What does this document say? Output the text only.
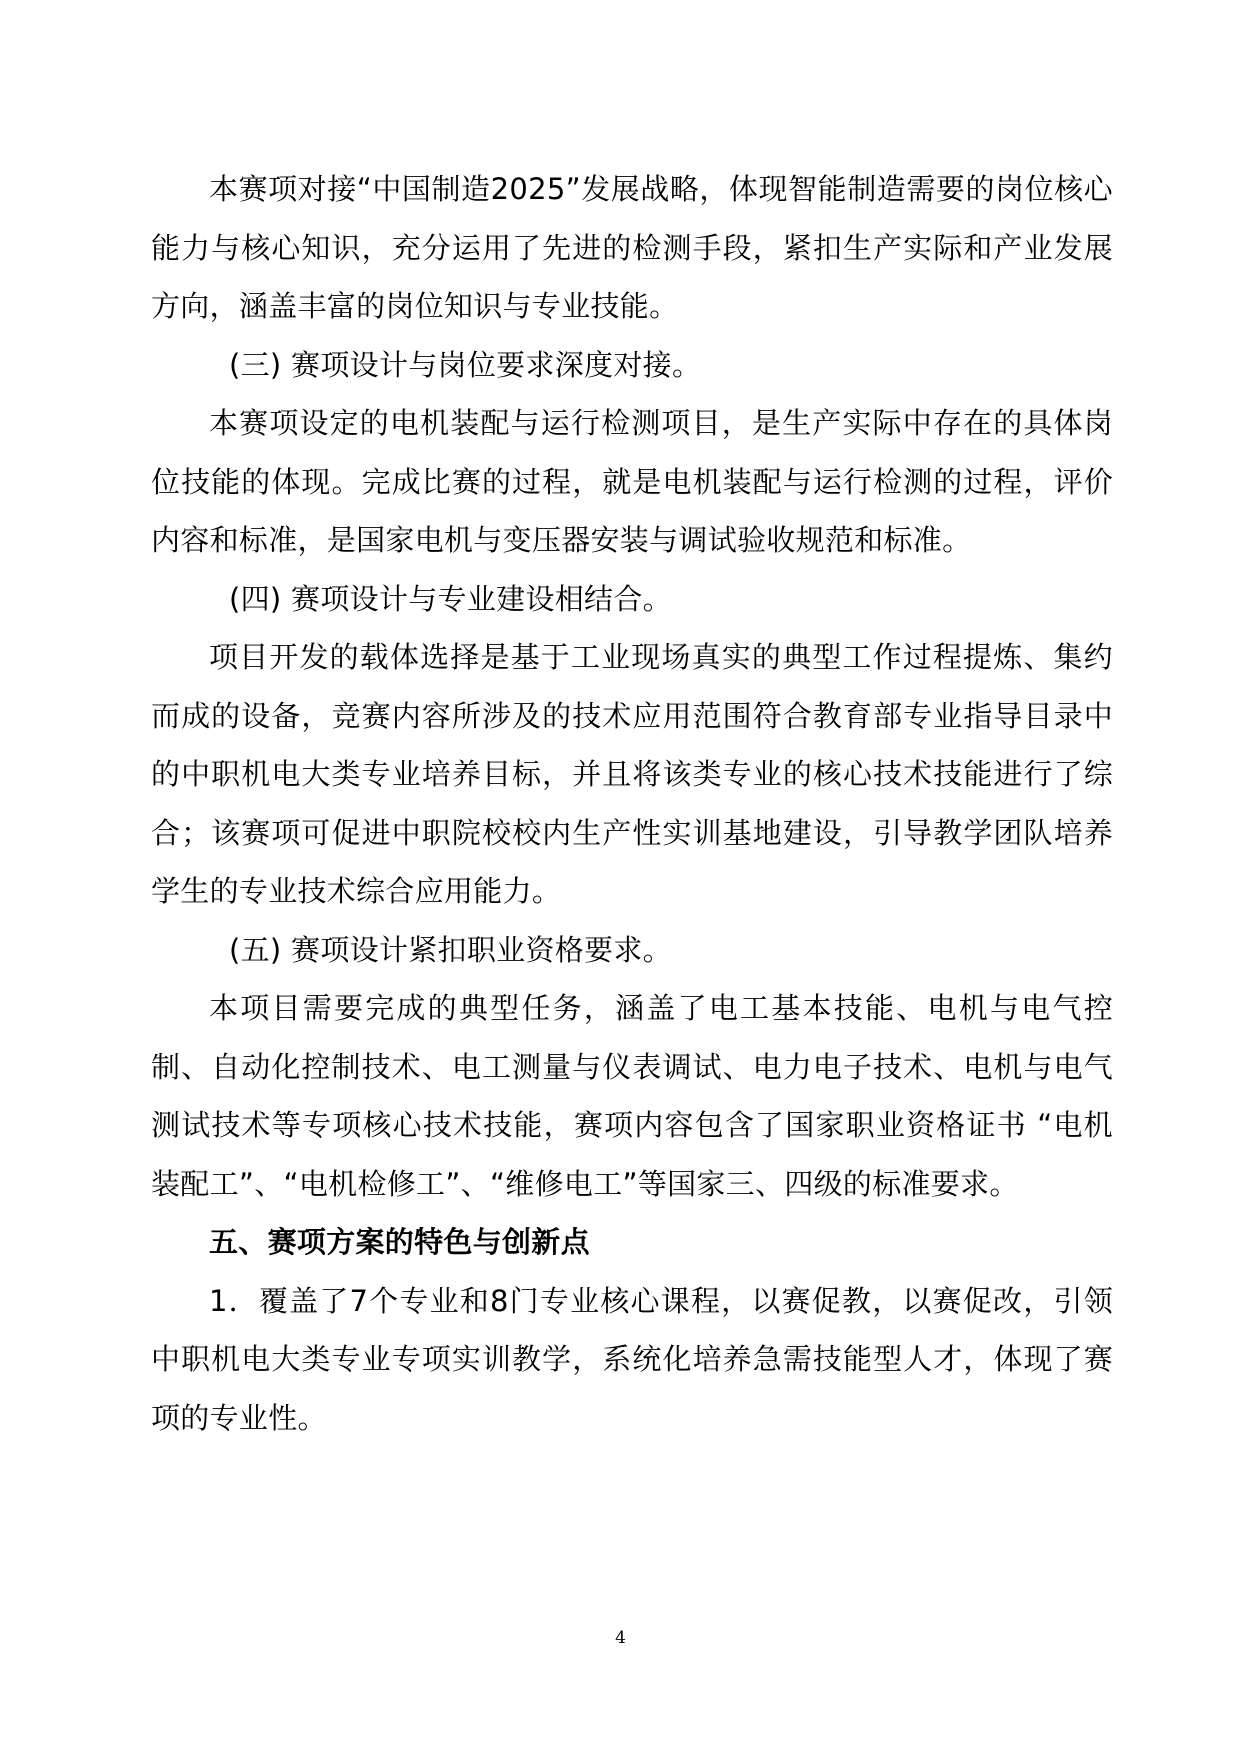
本赛项对接“中国制造2025”发展战略，体现智能制造需要的岗位核心能力与核心知识，充分运用了先进的检测手段，紧扣生产实际和产业发展方向，涵盖丰富的岗位知识与专业技能。

(三) 赛项设计与岗位要求深度对接。

本赛项设定的电机装配与运行检测项目，是生产实际中存在的具体岗位技能的体现。完成比赛的过程，就是电机装配与运行检测的过程，评价内容和标准，是国家电机与变压器安装与调试验收规范和标准。

(四) 赛项设计与专业建设相结合。

项目开发的载体选择是基于工业现场真实的典型工作过程提炼、集约而成的设备，竞赛内容所涉及的技术应用范围符合教育部专业指导目录中的中职机电大类专业培养目标，并且将该类专业的核心技术技能进行了综合；该赛项可促进中职院校校内生产性实训基地建设，引导教学团队培养学生的专业技术综合应用能力。

(五) 赛项设计紧扣职业资格要求。

本项目需要完成的典型任务，涵盖了电工基本技能、电机与电气控制、自动化控制技术、电工测量与仪表调试、电力电子技术、电机与电气测试技术等专项核心技术技能，赛项内容包含了国家职业资格证书 “电机装配工”、“电机检修工”、“维修电工”等国家三、四级的标准要求。

五、赛项方案的特色与创新点

1．覆盖了7个专业和8门专业核心课程，以赛促教，以赛促改，引领中职机电大类专业专项实训教学，系统化培养急需技能型人才，体现了赛项的专业性。

4
